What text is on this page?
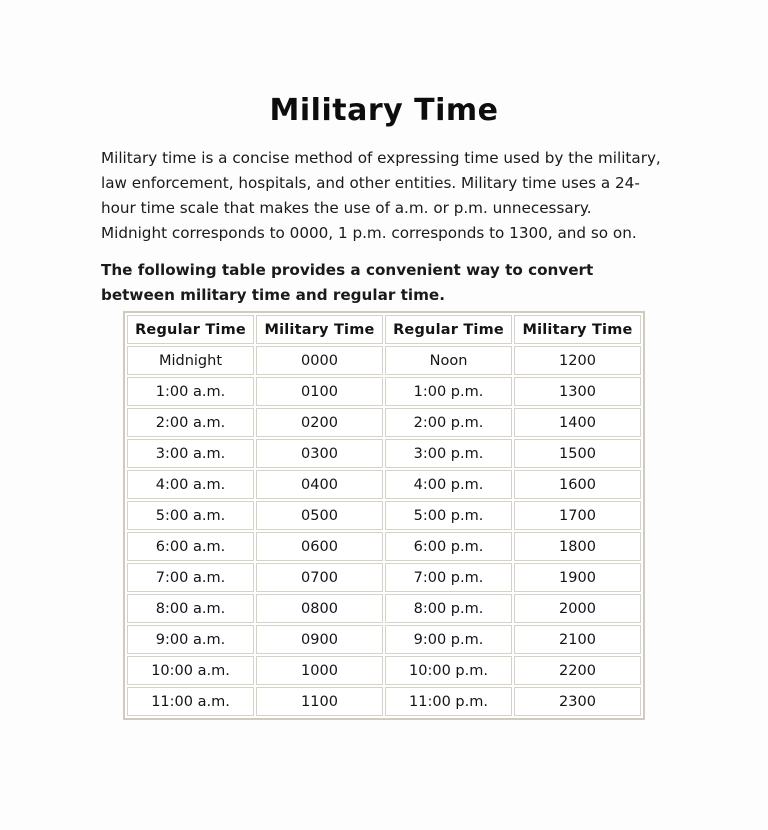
Military Time

Military time is a concise method of expressing time used by the military, law enforcement, hospitals, and other entities. Military time uses a 24-hour time scale that makes the use of a.m. or p.m. unnecessary. Midnight corresponds to 0000, 1 p.m. corresponds to 1300, and so on.

The following table provides a convenient way to convert between military time and regular time.

Regular Time	Military Time	Regular Time	Military Time
Midnight	0000	Noon	1200
1:00 a.m.	0100	1:00 p.m.	1300
2:00 a.m.	0200	2:00 p.m.	1400
3:00 a.m.	0300	3:00 p.m.	1500
4:00 a.m.	0400	4:00 p.m.	1600
5:00 a.m.	0500	5:00 p.m.	1700
6:00 a.m.	0600	6:00 p.m.	1800
7:00 a.m.	0700	7:00 p.m.	1900
8:00 a.m.	0800	8:00 p.m.	2000
9:00 a.m.	0900	9:00 p.m.	2100
10:00 a.m.	1000	10:00 p.m.	2200
11:00 a.m.	1100	11:00 p.m.	2300
